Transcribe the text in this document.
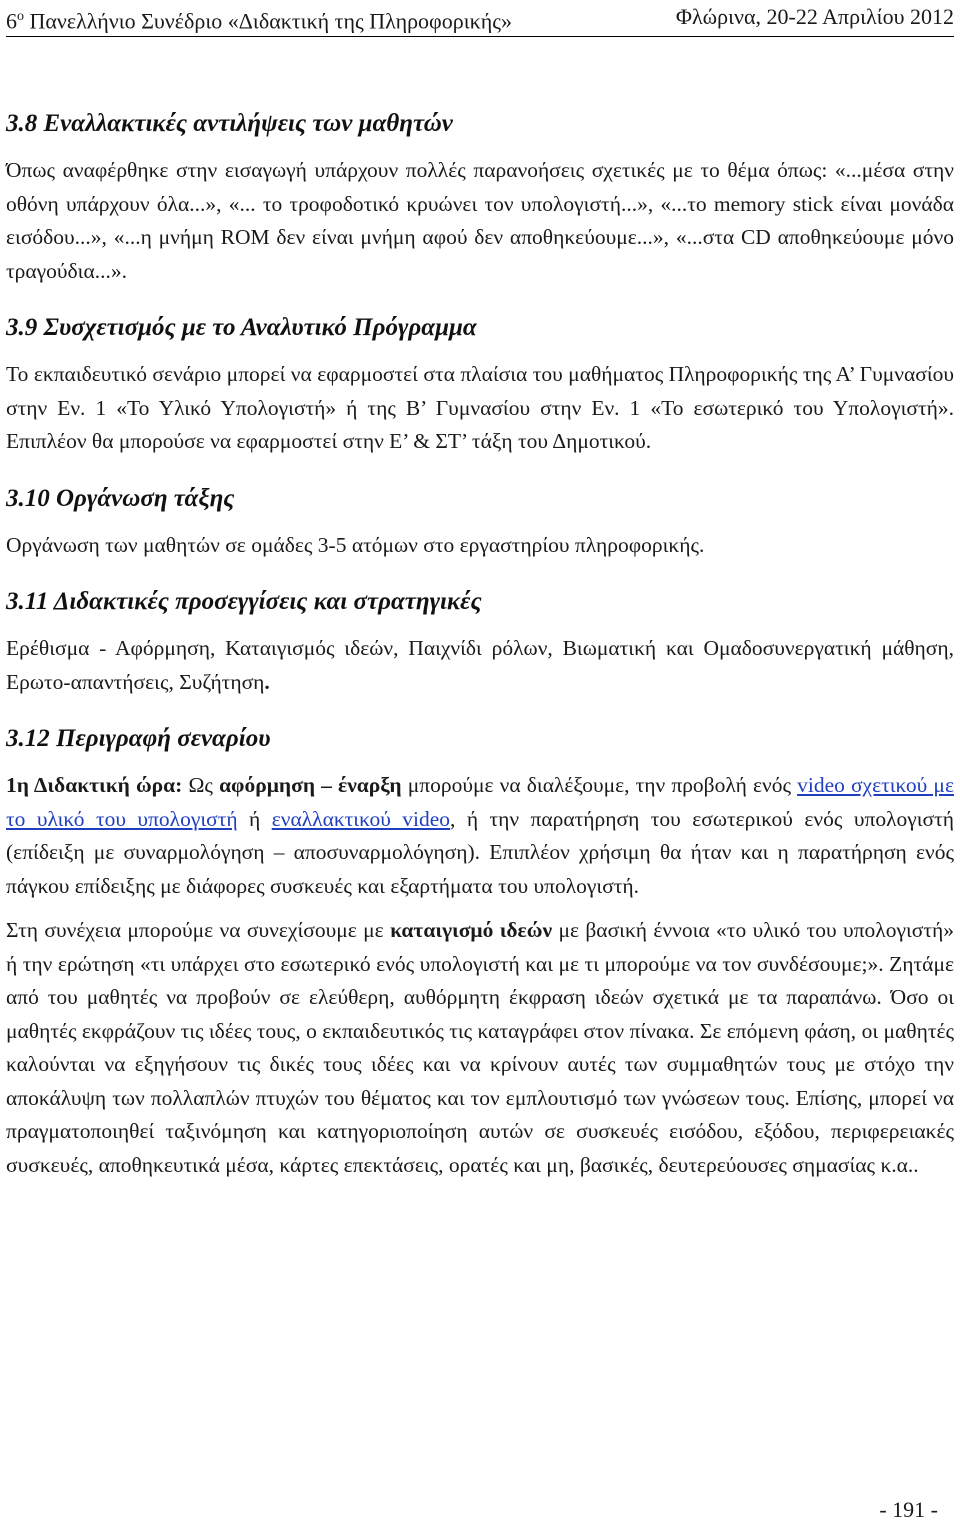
$6^o$ Πανελλήνιο Συνέδριο «Διδακτική της Πληροφορικής»	Φλώρινα, 20-22 Απριλίου 2012
3.8 Εναλλακτικές αντιλήψεις των μαθητών

Όπως αναφέρθηκε στην εισαγωγή υπάρχουν πολλές παρανοήσεις σχετικές με το θέμα όπως: «...μέσα στην οθόνη υπάρχουν όλα...», «... το τροφοδοτικό κρυώνει τον υπολογιστή...», «...το memory stick είναι μονάδα εισόδου...», «...η μνήμη ROM δεν είναι μνήμη αφού δεν αποθηκεύουμε...», «...στα CD αποθηκεύουμε μόνο τραγούδια...».

3.9 Συσχετισμός με το Αναλυτικό Πρόγραμμα

Το εκπαιδευτικό σενάριο μπορεί να εφαρμοστεί στα πλαίσια του μαθήματος Πληροφορικής της Α’ Γυμνασίου στην Εν. 1 «Το Υλικό Υπολογιστή» ή της Β’ Γυμνασίου στην Εν. 1 «Το εσωτερικό του Υπολογιστή». Επιπλέον θα μπορούσε να εφαρμοστεί στην Ε’ & ΣΤ’ τάξη του Δημοτικού.

3.10 Οργάνωση τάξης

Οργάνωση των μαθητών σε ομάδες 3-5 ατόμων στο εργαστηρίου πληροφορικής.

3.11 Διδακτικές προσεγγίσεις και στρατηγικές

Ερέθισμα - Αφόρμηση, Καταιγισμός ιδεών, Παιχνίδι ρόλων, Βιωματική και Ομαδοσυνεργατική μάθηση, Ερωτο-απαντήσεις, Συζήτηση.

3.12 Περιγραφή σεναρίου

1η Διδακτική ώρα: Ως αφόρμηση – έναρξη μπορούμε να διαλέξουμε, την προβολή ενός video σχετικού με το υλικό του υπολογιστή ή εναλλακτικού video, ή την παρατήρηση του εσωτερικού ενός υπολογιστή (επίδειξη με συναρμολόγηση – αποσυναρμολόγηση). Επιπλέον χρήσιμη θα ήταν και η παρατήρηση ενός πάγκου επίδειξης με διάφορες συσκευές και εξαρτήματα του υπολογιστή.

Στη συνέχεια μπορούμε να συνεχίσουμε με καταιγισμό ιδεών με βασική έννοια «το υλικό του υπολογιστή» ή την ερώτηση «τι υπάρχει στο εσωτερικό ενός υπολογιστή και με τι μπορούμε να τον συνδέσουμε;». Ζητάμε από του μαθητές να προβούν σε ελεύθερη, αυθόρμητη έκφραση ιδεών σχετικά με τα παραπάνω. Όσο οι μαθητές εκφράζουν τις ιδέες τους, ο εκπαιδευτικός τις καταγράφει στον πίνακα. Σε επόμενη φάση, οι μαθητές καλούνται να εξηγήσουν τις δικές τους ιδέες και να κρίνουν αυτές των συμμαθητών τους με στόχο την αποκάλυψη των πολλαπλών πτυχών του θέματος και τον εμπλουτισμό των γνώσεων τους. Επίσης, μπορεί να πραγματοποιηθεί ταξινόμηση και κατηγοριοποίηση αυτών σε συσκευές εισόδου, εξόδου, περιφερειακές συσκευές, αποθηκευτικά μέσα, κάρτες επεκτάσεις, ορατές και μη, βασικές, δευτερεύουσες σημασίας κ.α..

- 191 -
